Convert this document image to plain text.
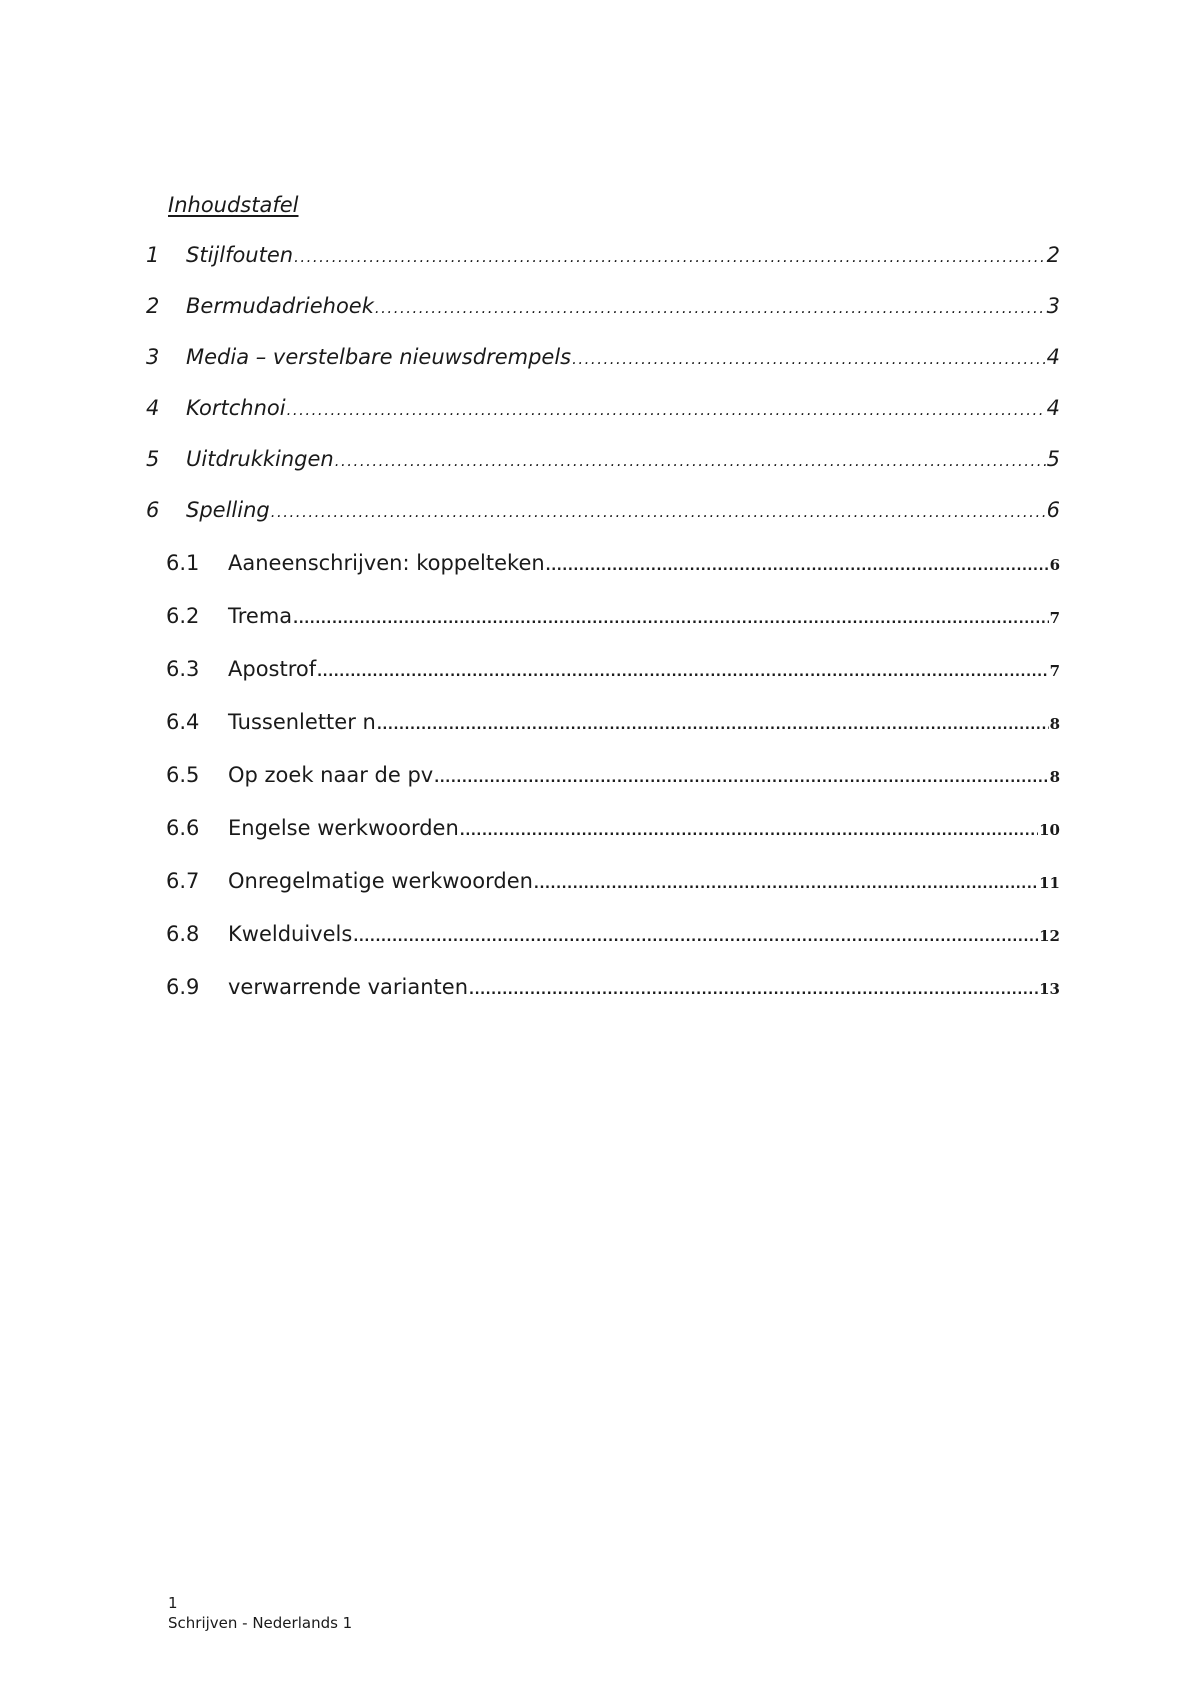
Inhoudstafel
1	Stijlfouten .....	2
2	Bermudadriehoek .....	3
3	Media – verstelbare nieuwsdrempels .....	4
4	Kortchnoi .....	4
5	Uitdrukkingen .....	5
6	Spelling .....	6
6.1	Aaneenschrijven: koppelteken .....	6
6.2	Trema .....	7
6.3	Apostrof .....	7
6.4	Tussenletter n .....	8
6.5	Op zoek naar de pv .....	8
6.6	Engelse werkwoorden .....	10
6.7	Onregelmatige werkwoorden .....	11
6.8	Kwelduivels .....	12
6.9	verwarrende varianten .....	13
1
Schrijven - Nederlands 1
